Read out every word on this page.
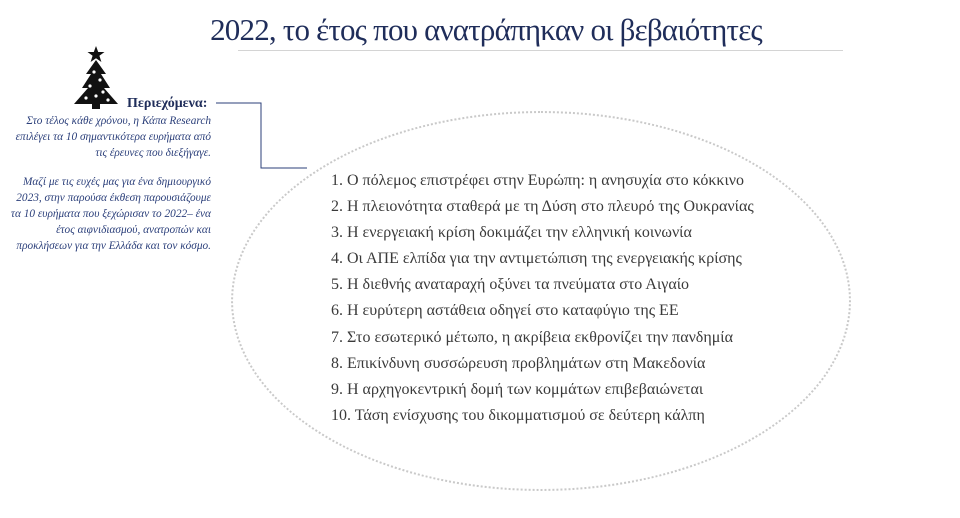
2022, το έτος που ανατράπηκαν οι βεβαιότητες
Περιεχόμενα:
Στο τέλος κάθε χρόνου, η Κάπα Research
επιλέγει τα 10 σημαντικότερα ευρήματα από
τις έρευνες που διεξήγαγε.
Μαζί με τις ευχές μας για ένα δημιουργικό
2023, στην παρούσα έκθεση παρουσιάζουμε
τα 10 ευρήματα που ξεχώρισαν το 2022– ένα
έτος αιφνιδιασμού, ανατροπών και
προκλήσεων για την Ελλάδα και τον κόσμο.
1. Ο πόλεμος επιστρέφει στην Ευρώπη: η ανησυχία στο κόκκινο
2. Η πλειονότητα σταθερά με τη Δύση στο πλευρό της Ουκρανίας
3. Η ενεργειακή κρίση δοκιμάζει την ελληνική κοινωνία
4. Οι ΑΠΕ ελπίδα για την αντιμετώπιση της ενεργειακής κρίσης
5. Η διεθνής αναταραχή οξύνει τα πνεύματα στο Αιγαίο
6. Η ευρύτερη αστάθεια οδηγεί στο καταφύγιο της ΕΕ
7. Στο εσωτερικό μέτωπο, η ακρίβεια εκθρονίζει την πανδημία
8. Επικίνδυνη συσσώρευση προβλημάτων στη Μακεδονία
9. Η αρχηγοκεντρική δομή των κομμάτων επιβεβαιώνεται
10. Τάση ενίσχυσης του δικομματισμού σε δεύτερη κάλπη
